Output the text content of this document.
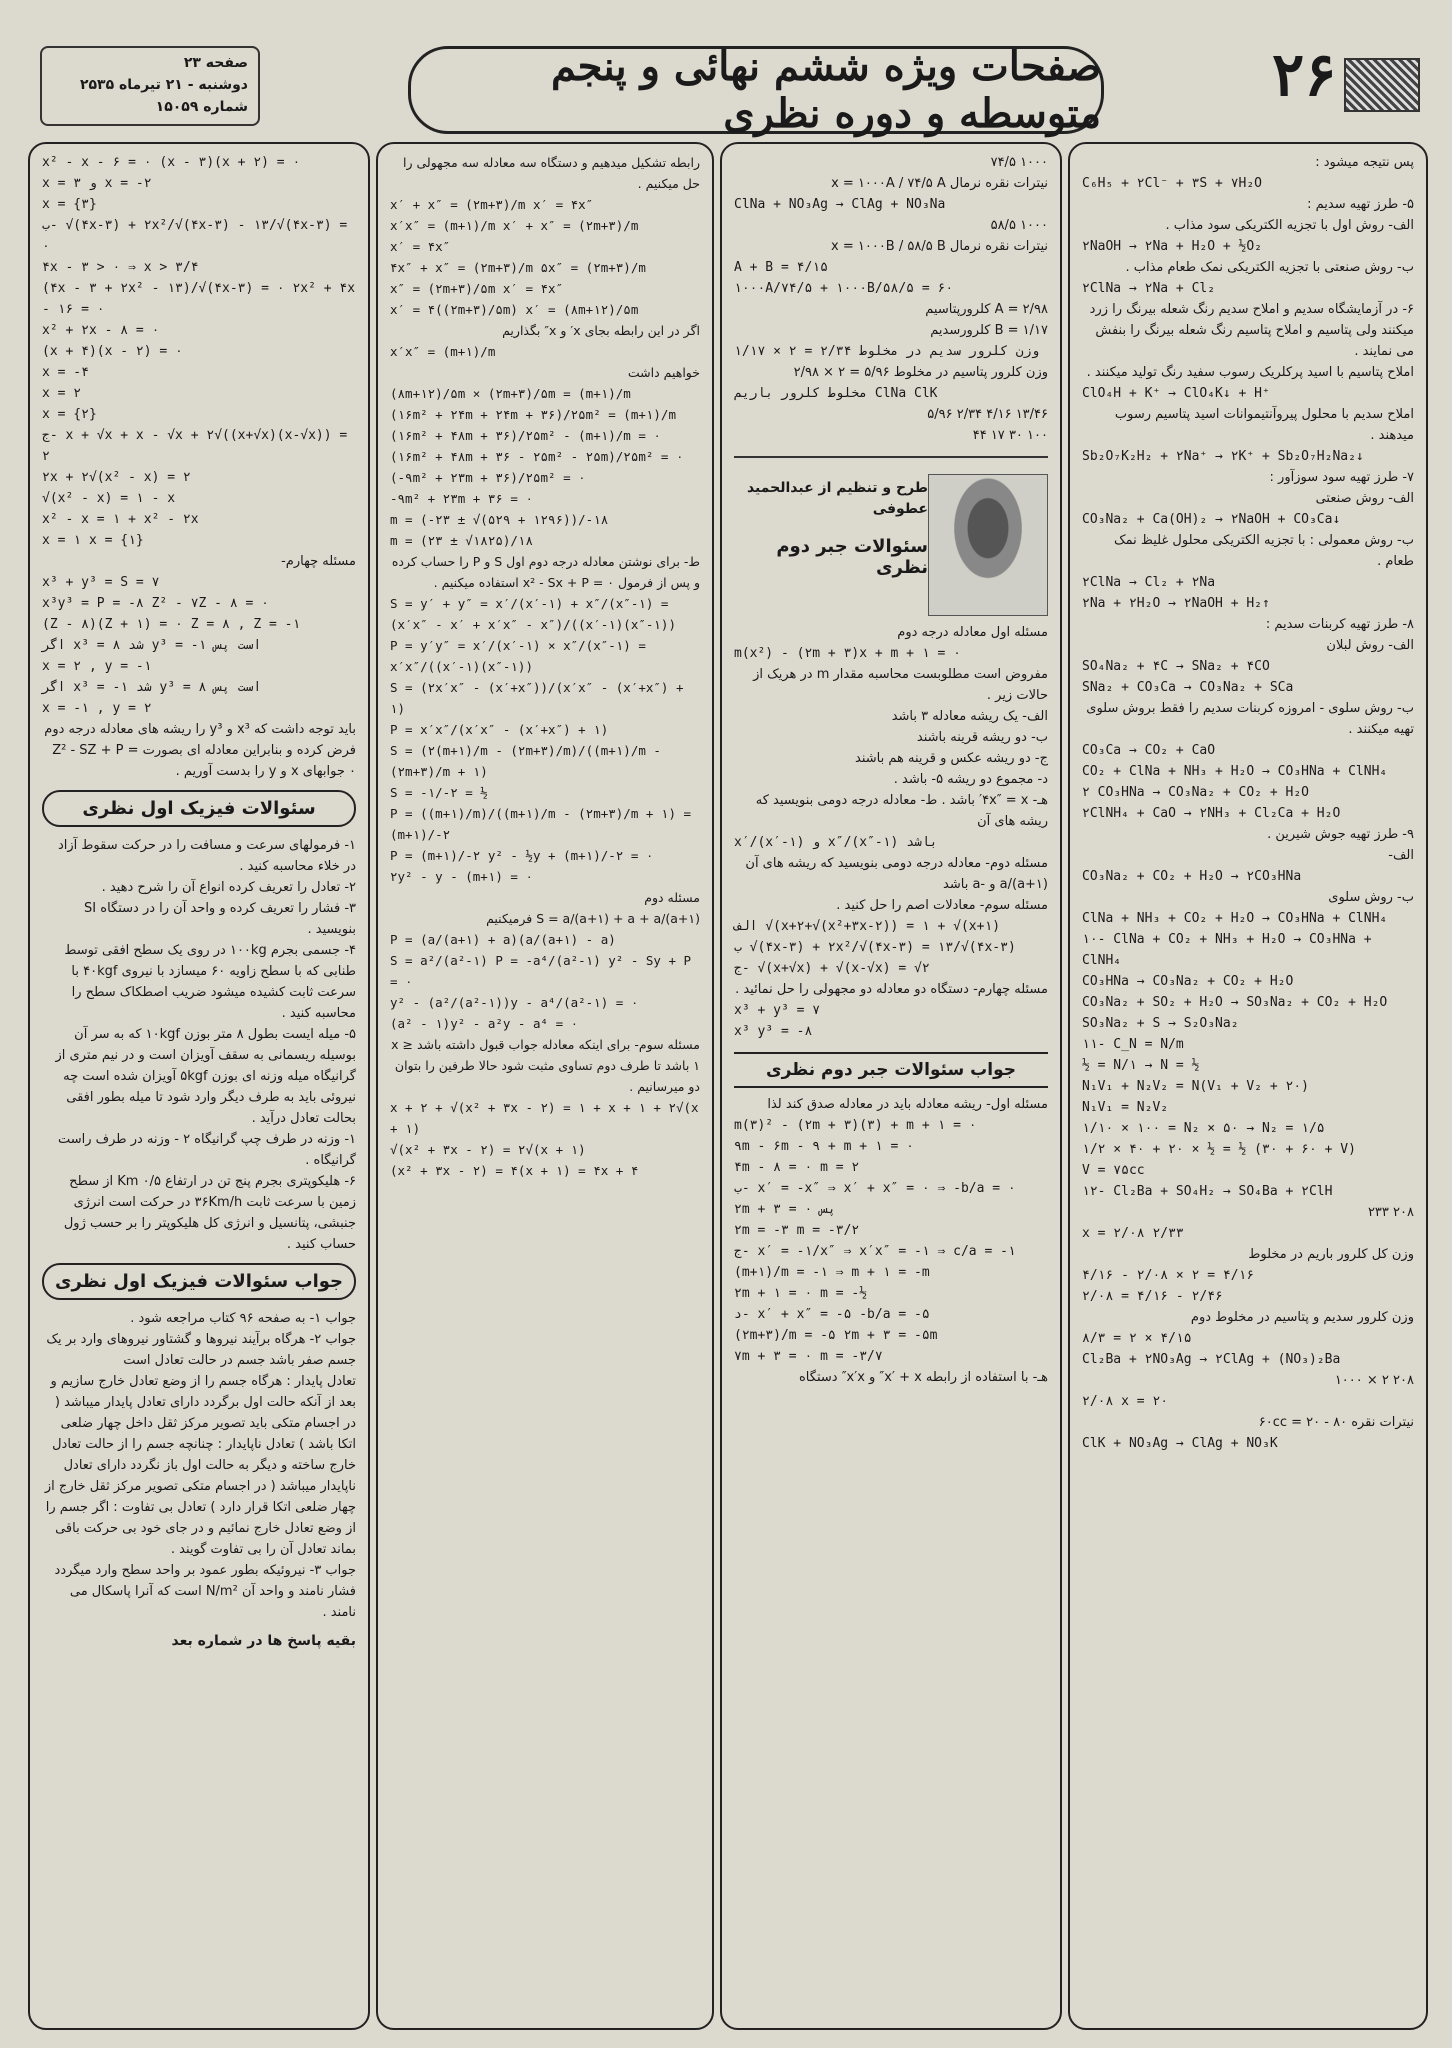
۲۶
صفحات ویژه ششم نهائی و پنجم متوسطه و دوره نظری
صفحه ۲۳
دوشنبه - ۲۱ تیرماه ۲۵۳۵
شماره ۱۵۰۵۹
پس نتیجه میشود :
C₆H₅ + ۲Cl⁻ + ۳S + ۷H₂O
۵- طرز تهیه سدیم :
الف- روش اول با تجزیه الکتریکی سود مذاب .
۲NaOH → ۲Na + H₂O + ½O₂
ب- روش صنعتی با تجزیه الکتریکی نمک طعام مذاب .
۲ClNa → ۲Na + Cl₂
۶- در آزمایشگاه سدیم و املاح سدیم رنگ شعله بیرنگ را زرد میکنند ولی پتاسیم و املاح پتاسیم رنگ شعله بیرنگ را بنفش می نمایند .
املاح پتاسیم با اسید پرکلریک رسوب سفید رنگ تولید میکنند .
ClO₄H + K⁺ → ClO₄K↓ + H⁺
املاح سدیم با محلول پیروآنتیموانات اسید پتاسیم رسوب میدهند .
Sb₂O₇K₂H₂ + ۲Na⁺ → ۲K⁺ + Sb₂O₇H₂Na₂↓
۷- طرز تهیه سود سوزآور :
الف- روش صنعتی
CO₃Na₂ + Ca(OH)₂ → ۲NaOH + CO₃Ca↓
ب- روش معمولی : با تجزیه الکتریکی محلول غلیظ نمک طعام .
۲ClNa → Cl₂ + ۲Na
۲Na + ۲H₂O → ۲NaOH + H₂↑
۸- طرز تهیه کربنات سدیم :
الف- روش لبلان
SO₄Na₂ + ۴C → SNa₂ + ۴CO
SNa₂ + CO₃Ca → CO₃Na₂ + SCa
ب- روش سلوی - امروزه کربنات سدیم را فقط بروش سلوی تهیه میکنند .
CO₃Ca → CO₂ + CaO
CO₂ + ClNa + NH₃ + H₂O → CO₃HNa + ClNH₄
۲ CO₃HNa → CO₃Na₂ + CO₂ + H₂O
۲ClNH₄ + CaO → ۲NH₃ + Cl₂Ca + H₂O
۹- طرز تهیه جوش شیرین .
الف-
CO₃Na₂ + CO₂ + H₂O → ۲CO₃HNa
ب- روش سلوی
ClNa + NH₃ + CO₂ + H₂O → CO₃HNa + ClNH₄
۱۰- ClNa + CO₂ + NH₃ + H₂O → CO₃HNa + ClNH₄
CO₃HNa → CO₃Na₂ + CO₂ + H₂O
CO₃Na₂ + SO₂ + H₂O → SO₃Na₂ + CO₂ + H₂O
SO₃Na₂ + S → S₂O₃Na₂
۱۱- C_N = N/m
½ = N/۱ → N = ½
N₁V₁ + N₂V₂ = N(V₁ + V₂ + ۲۰)
N₁V₁ = N₂V₂
۱/۱۰ × ۱۰۰ = N₂ × ۵۰ → N₂ = ۱/۵
۱/۲ × ۴۰ + ۲۰ × ½ = ½ (۳۰ + ۶۰ + V)
V = ۷۵cc
۱۲- Cl₂Ba + SO₄H₂ → SO₄Ba + ۲ClH
۲۰۸ ۲۳۳
x = ۲/۰۸ ۲/۳۳
وزن کل کلرور باریم در مخلوط
۴/۱۶ - ۲/۰۸ × ۲ = ۴/۱۶
۲/۰۸ = ۴/۱۶ - ۲/۴۶
وزن کلرور سدیم و پتاسیم در مخلوط دوم
۸/۳ = ۲ × ۴/۱۵
Cl₂Ba + ۲NO₃Ag → ۲ClAg + (NO₃)₂Ba
۲۰۸ ۲ × ۱۰۰۰
۲/۰۸ x = ۲۰
نیترات نقره ۶۰cc = ۲۰ - ۸۰
ClK + NO₃Ag → ClAg + NO₃K
۱۰۰۰ ۷۴/۵
نیترات نقره نرمال x = ۱۰۰۰A / ۷۴/۵ A
ClNa + NO₃Ag → ClAg + NO₃Na
۱۰۰۰ ۵۸/۵
نیترات نقره نرمال x = ۱۰۰۰B / ۵۸/۵ B
A + B = ۴/۱۵
۱۰۰۰A/۷۴/۵ + ۱۰۰۰B/۵۸/۵ = ۶۰
A = ۲/۹۸ کلرورپتاسیم
B = ۱/۱۷ کلرورسدیم
وزن کلرور سدیم در مخلوط ۲/۳۴ = ۲ × ۱/۱۷
وزن کلرور پتاسیم در مخلوط ۵/۹۶ = ۲ × ۲/۹۸
مخلوط کلرور باریم ClNa ClK
۱۳/۴۶ ۴/۱۶ ۲/۳۴ ۵/۹۶
۱۰۰ ۳۰ ۱۷ ۴۴
طرح و تنظیم از عبدالحمید عطوفی
سئوالات جبر دوم نظری
مسئله اول معادله درجه دوم
m(x²) - (۲m + ۳)x + m + ۱ = ۰
مفروض است مطلوبست محاسبه مقدار m در هریک از حالات زیر .
الف- یک ریشه معادله ۳ باشد
ب- دو ریشه قرینه باشند
ج- دو ریشه عکس و قرینه هم باشند
د- مجموع دو ریشه ۵- باشد .
هـ- ۴x″ = x′ باشد . ط- معادله درجه دومی بنویسید که ریشه های آن
x′/(x′-۱) و x″/(x″-۱) باشد
مسئله دوم- معادله درجه دومی بنویسید که ریشه های آن a/(a+۱) و -a باشد
مسئله سوم- معادلات اصم را حل کنید .
الف √(x+۲+√(x²+۳x-۲)) = ۱ + √(x+۱)
ب √(۴x-۳) + ۲x²/√(۴x-۳) = ۱۳/√(۴x-۳)
ج- √(x+√x) + √(x-√x) = √۲
مسئله چهارم- دستگاه دو معادله دو مجهولی را حل نمائید .
x³ + y³ = ۷
x³ y³ = -۸
جواب سئوالات جبر دوم نظری
مسئله اول- ریشه معادله باید در معادله صدق کند لذا
m(۳)² - (۲m + ۳)(۳) + m + ۱ = ۰
۹m - ۶m - ۹ + m + ۱ = ۰
۴m - ۸ = ۰ m = ۲
ب- x′ = -x″ ⇒ x′ + x″ = ۰ ⇒ -b/a = ۰
۲m + ۳ = ۰ پس
۲m = -۳ m = -۳/۲
ج- x′ = -۱/x″ ⇒ x′x″ = -۱ ⇒ c/a = -۱
(m+۱)/m = -۱ ⇒ m + ۱ = -m
۲m + ۱ = ۰ m = -½
د- x′ + x″ = -۵ -b/a = -۵
(۲m+۳)/m = -۵ ۲m + ۳ = -۵m
۷m + ۳ = ۰ m = -۳/۷
هـ- با استفاده از رابطه x′ + x″ و x′x″ دستگاه
رابطه تشکیل میدهیم و دستگاه سه معادله سه مجهولی را حل میکنیم .
x′ + x″ = (۲m+۳)/m x′ = ۴x″
x′x″ = (m+۱)/m x′ + x″ = (۲m+۳)/m
x′ = ۴x″
۴x″ + x″ = (۲m+۳)/m ۵x″ = (۲m+۳)/m
x″ = (۲m+۳)/۵m x′ = ۴x″
x′ = ۴((۲m+۳)/۵m) x′ = (۸m+۱۲)/۵m
اگر در این رابطه بجای x′ و x″ بگذاریم
x′x″ = (m+۱)/m
خواهیم داشت
(۸m+۱۲)/۵m × (۲m+۳)/۵m = (m+۱)/m
(۱۶m² + ۲۴m + ۲۴m + ۳۶)/۲۵m² = (m+۱)/m
(۱۶m² + ۴۸m + ۳۶)/۲۵m² - (m+۱)/m = ۰
(۱۶m² + ۴۸m + ۳۶ - ۲۵m² - ۲۵m)/۲۵m² = ۰
(-۹m² + ۲۳m + ۳۶)/۲۵m² = ۰
-۹m² + ۲۳m + ۳۶ = ۰
m = (-۲۳ ± √(۵۲۹ + ۱۲۹۶))/-۱۸
m = (۲۳ ± √۱۸۲۵)/۱۸
ط- برای نوشتن معادله درجه دوم اول S و P را حساب کرده و پس از فرمول x² - Sx + P = ۰ استفاده میکنیم .
S = y′ + y″ = x′/(x′-۱) + x″/(x″-۱) = (x′x″ - x′ + x′x″ - x″)/((x′-۱)(x″-۱))
P = y′y″ = x′/(x′-۱) × x″/(x″-۱) = x′x″/((x′-۱)(x″-۱))
S = (۲x′x″ - (x′+x″))/(x′x″ - (x′+x″) + ۱)
P = x′x″/(x′x″ - (x′+x″) + ۱)
S = (۲(m+۱)/m - (۲m+۳)/m)/((m+۱)/m - (۲m+۳)/m + ۱)
S = -۱/-۲ = ½
P = ((m+۱)/m)/((m+۱)/m - (۲m+۳)/m + ۱) = (m+۱)/-۲
P = (m+۱)/-۲ y² - ½y + (m+۱)/-۲ = ۰
۲y² - y - (m+۱) = ۰
مسئله دوم
S = a/(a+۱) + a + a/(a+۱) فرمیکنیم
P = (a/(a+۱) + a)(a/(a+۱) - a)
S = a²/(a²-۱) P = -a⁴/(a²-۱) y² - Sy + P = ۰
y² - (a²/(a²-۱))y - a⁴/(a²-۱) = ۰
(a² - ۱)y² - a²y - a⁴ = ۰
مسئله سوم- برای اینکه معادله جواب قبول داشته باشد x ≥ ۱ باشد تا طرف دوم تساوی مثبت شود حالا طرفین را بتوان دو میرسانیم .
x + ۲ + √(x² + ۳x - ۲) = ۱ + x + ۱ + ۲√(x + ۱)
√(x² + ۳x - ۲) = ۲√(x + ۱)
(x² + ۳x - ۲) = ۴(x + ۱) = ۴x + ۴
x² - x - ۶ = ۰ (x - ۳)(x + ۲) = ۰
x = ۳ و x = -۲
x = {۳}
ب- √(۴x-۳) + ۲x²/√(۴x-۳) - ۱۳/√(۴x-۳) = ۰
۴x - ۳ > ۰ ⇒ x > ۳/۴
(۴x - ۳ + ۲x² - ۱۳)/√(۴x-۳) = ۰ ۲x² + ۴x - ۱۶ = ۰
x² + ۲x - ۸ = ۰
(x + ۴)(x - ۲) = ۰
x = -۴
x = ۲
x = {۲}
ج- x + √x + x - √x + ۲√((x+√x)(x-√x)) = ۲
۲x + ۲√(x² - x) = ۲
√(x² - x) = ۱ - x
x² - x = ۱ + x² - ۲x
x = ۱ x = {۱}
مسئله چهارم-
x³ + y³ = S = ۷
x³y³ = P = -۸ Z² - ۷Z - ۸ = ۰
(Z - ۸)(Z + ۱) = ۰ Z = ۸ , Z = -۱
اگر x³ = ۸ شد y³ = -۱ است پس
x = ۲ , y = -۱
اگر x³ = -۱ شد y³ = ۸ است پس
x = -۱ , y = ۲
باید توجه داشت که x³ و y³ را ریشه های معادله درجه دوم فرض کرده و بنابراین معادله ای بصورت Z² - SZ + P = ۰ جوابهای x و y را بدست آوریم .
سئوالات فیزیک اول نظری
۱- فرمولهای سرعت و مسافت را در حرکت سقوط آزاد در خلاء محاسبه کنید .
۲- تعادل را تعریف کرده انواع آن را شرح دهید .
۳- فشار را تعریف کرده و واحد آن را در دستگاه SI بنویسید .
۴- جسمی بجرم ۱۰۰kg در روی یک سطح افقی توسط طنابی که با سطح زاویه ۶۰ میسازد با نیروی ۴۰kgf با سرعت ثابت کشیده میشود ضریب اصطکاک سطح را محاسبه کنید .
۵- میله ایست بطول ۸ متر بوزن ۱۰kgf که به سر آن بوسیله ریسمانی به سقف آویزان است و در نیم متری از گرانیگاه میله وزنه ای بوزن ۵kgf آویزان شده است چه نیروئی باید به طرف دیگر وارد شود تا میله بطور افقی بحالت تعادل درآید .
۱- وزنه در طرف چپ گرانیگاه ۲ - وزنه در طرف راست گرانیگاه .
۶- هلیکوپتری بجرم پنج تن در ارتفاع ۰/۵ Km از سطح زمین با سرعت ثابت ۳۶Km/h در حرکت است انرژی جنبشی، پتانسیل و انرژی کل هلیکوپتر را بر حسب ژول حساب کنید .
جواب سئوالات فیزیک اول نظری
جواب ۱- به صفحه ۹۶ کتاب مراجعه شود .
جواب ۲- هرگاه برآیند نیروها و گشتاور نیروهای وارد بر یک جسم صفر باشد جسم در حالت تعادل است
تعادل پایدار : هرگاه جسم را از وضع تعادل خارج سازیم و بعد از آنکه حالت اول برگردد دارای تعادل پایدار میباشد ( در اجسام متکی باید تصویر مرکز ثقل داخل چهار ضلعی اتکا باشد ) تعادل ناپایدار : چنانچه جسم را از حالت تعادل خارج ساخته و دیگر به حالت اول باز نگردد دارای تعادل ناپایدار میباشد ( در اجسام متکی تصویر مرکز ثقل خارج از چهار ضلعی اتکا قرار دارد ) تعادل بی تفاوت : اگر جسم را از وضع تعادل خارج نمائیم و در جای خود بی حرکت باقی بماند تعادل آن را بی تفاوت گویند .
جواب ۳- نیروئیکه بطور عمود بر واحد سطح وارد میگردد فشار نامند و واحد آن N/m² است که آنرا پاسکال می نامند .
بقیه پاسخ ها در شماره بعد
